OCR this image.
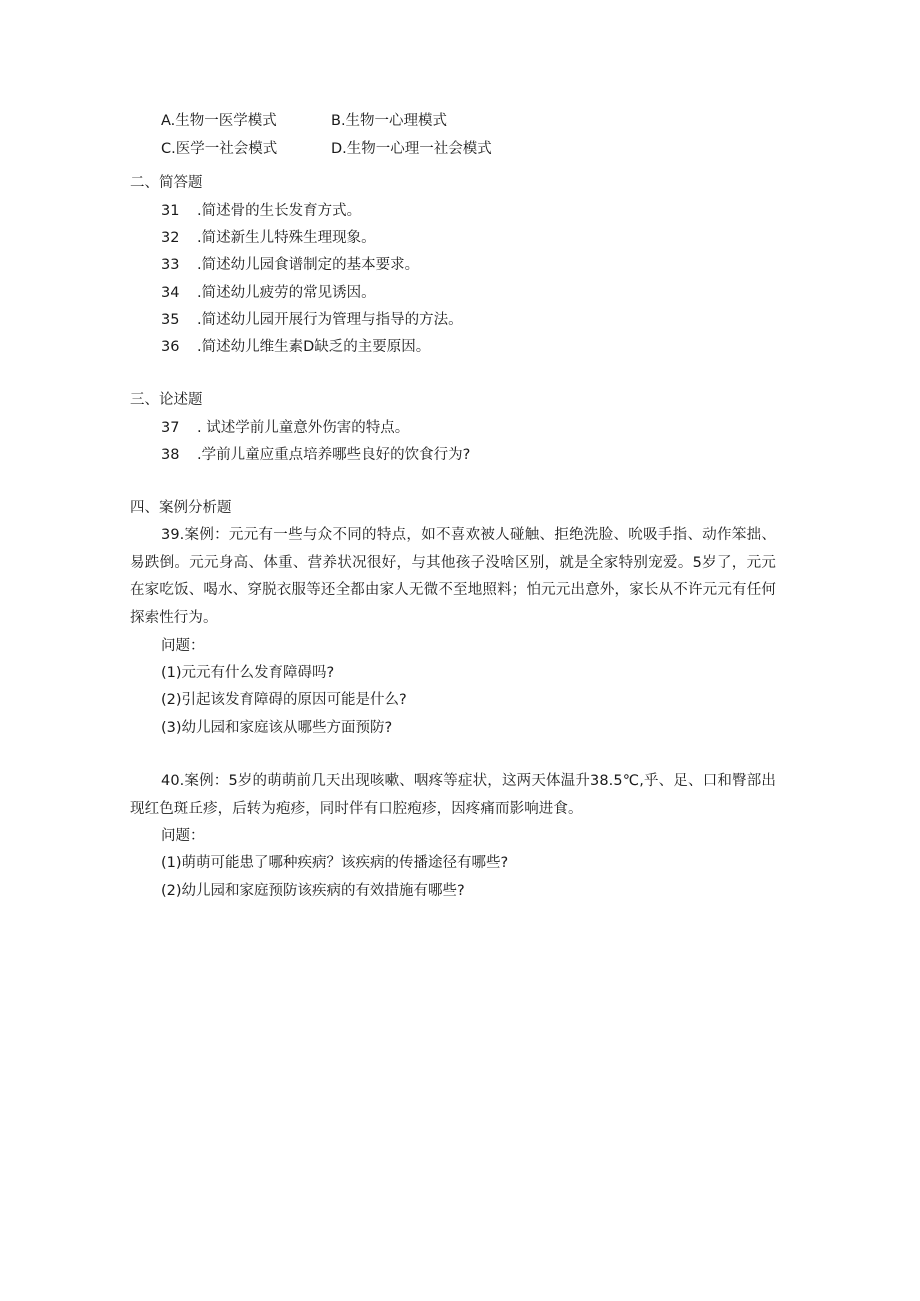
A.生物一医学模式	B.生物一心理模式
C.医学一社会模式	D.生物一心理一社会模式
二、简答题
31 .简述骨的生长发育方式。
32 .简述新生儿特殊生理现象。
33 .简述幼儿园食谱制定的基本要求。
34 .简述幼儿疲劳的常见诱因。
35 .简述幼儿园开展行为管理与指导的方法。
36 .简述幼儿维生素D缺乏的主要原因。
三、论述题
37 . 试述学前儿童意外伤害的特点。
38 .学前儿童应重点培养哪些良好的饮食行为?
四、案例分析题
39.案例：元元有一些与众不同的特点，如不喜欢被人碰触、拒绝洗脸、吮吸手指、动作笨拙、易跌倒。元元身高、体重、营养状况很好，与其他孩子没啥区别，就是全家特别宠爱。5岁了，元元在家吃饭、喝水、穿脱衣服等还全都由家人无微不至地照料；怕元元出意外，家长从不许元元有任何探索性行为。
问题：
(1)元元有什么发育障碍吗?
(2)引起该发育障碍的原因可能是什么?
(3)幼儿园和家庭该从哪些方面预防?
40.案例：5岁的萌萌前几天出现咳嗽、咽疼等症状，这两天体温升38.5℃,乎、足、口和臀部出现红色斑丘疹，后转为疱疹，同时伴有口腔疱疹，因疼痛而影响进食。
问题：
(1)萌萌可能患了哪种疾病？该疾病的传播途径有哪些?
(2)幼儿园和家庭预防该疾病的有效措施有哪些?
